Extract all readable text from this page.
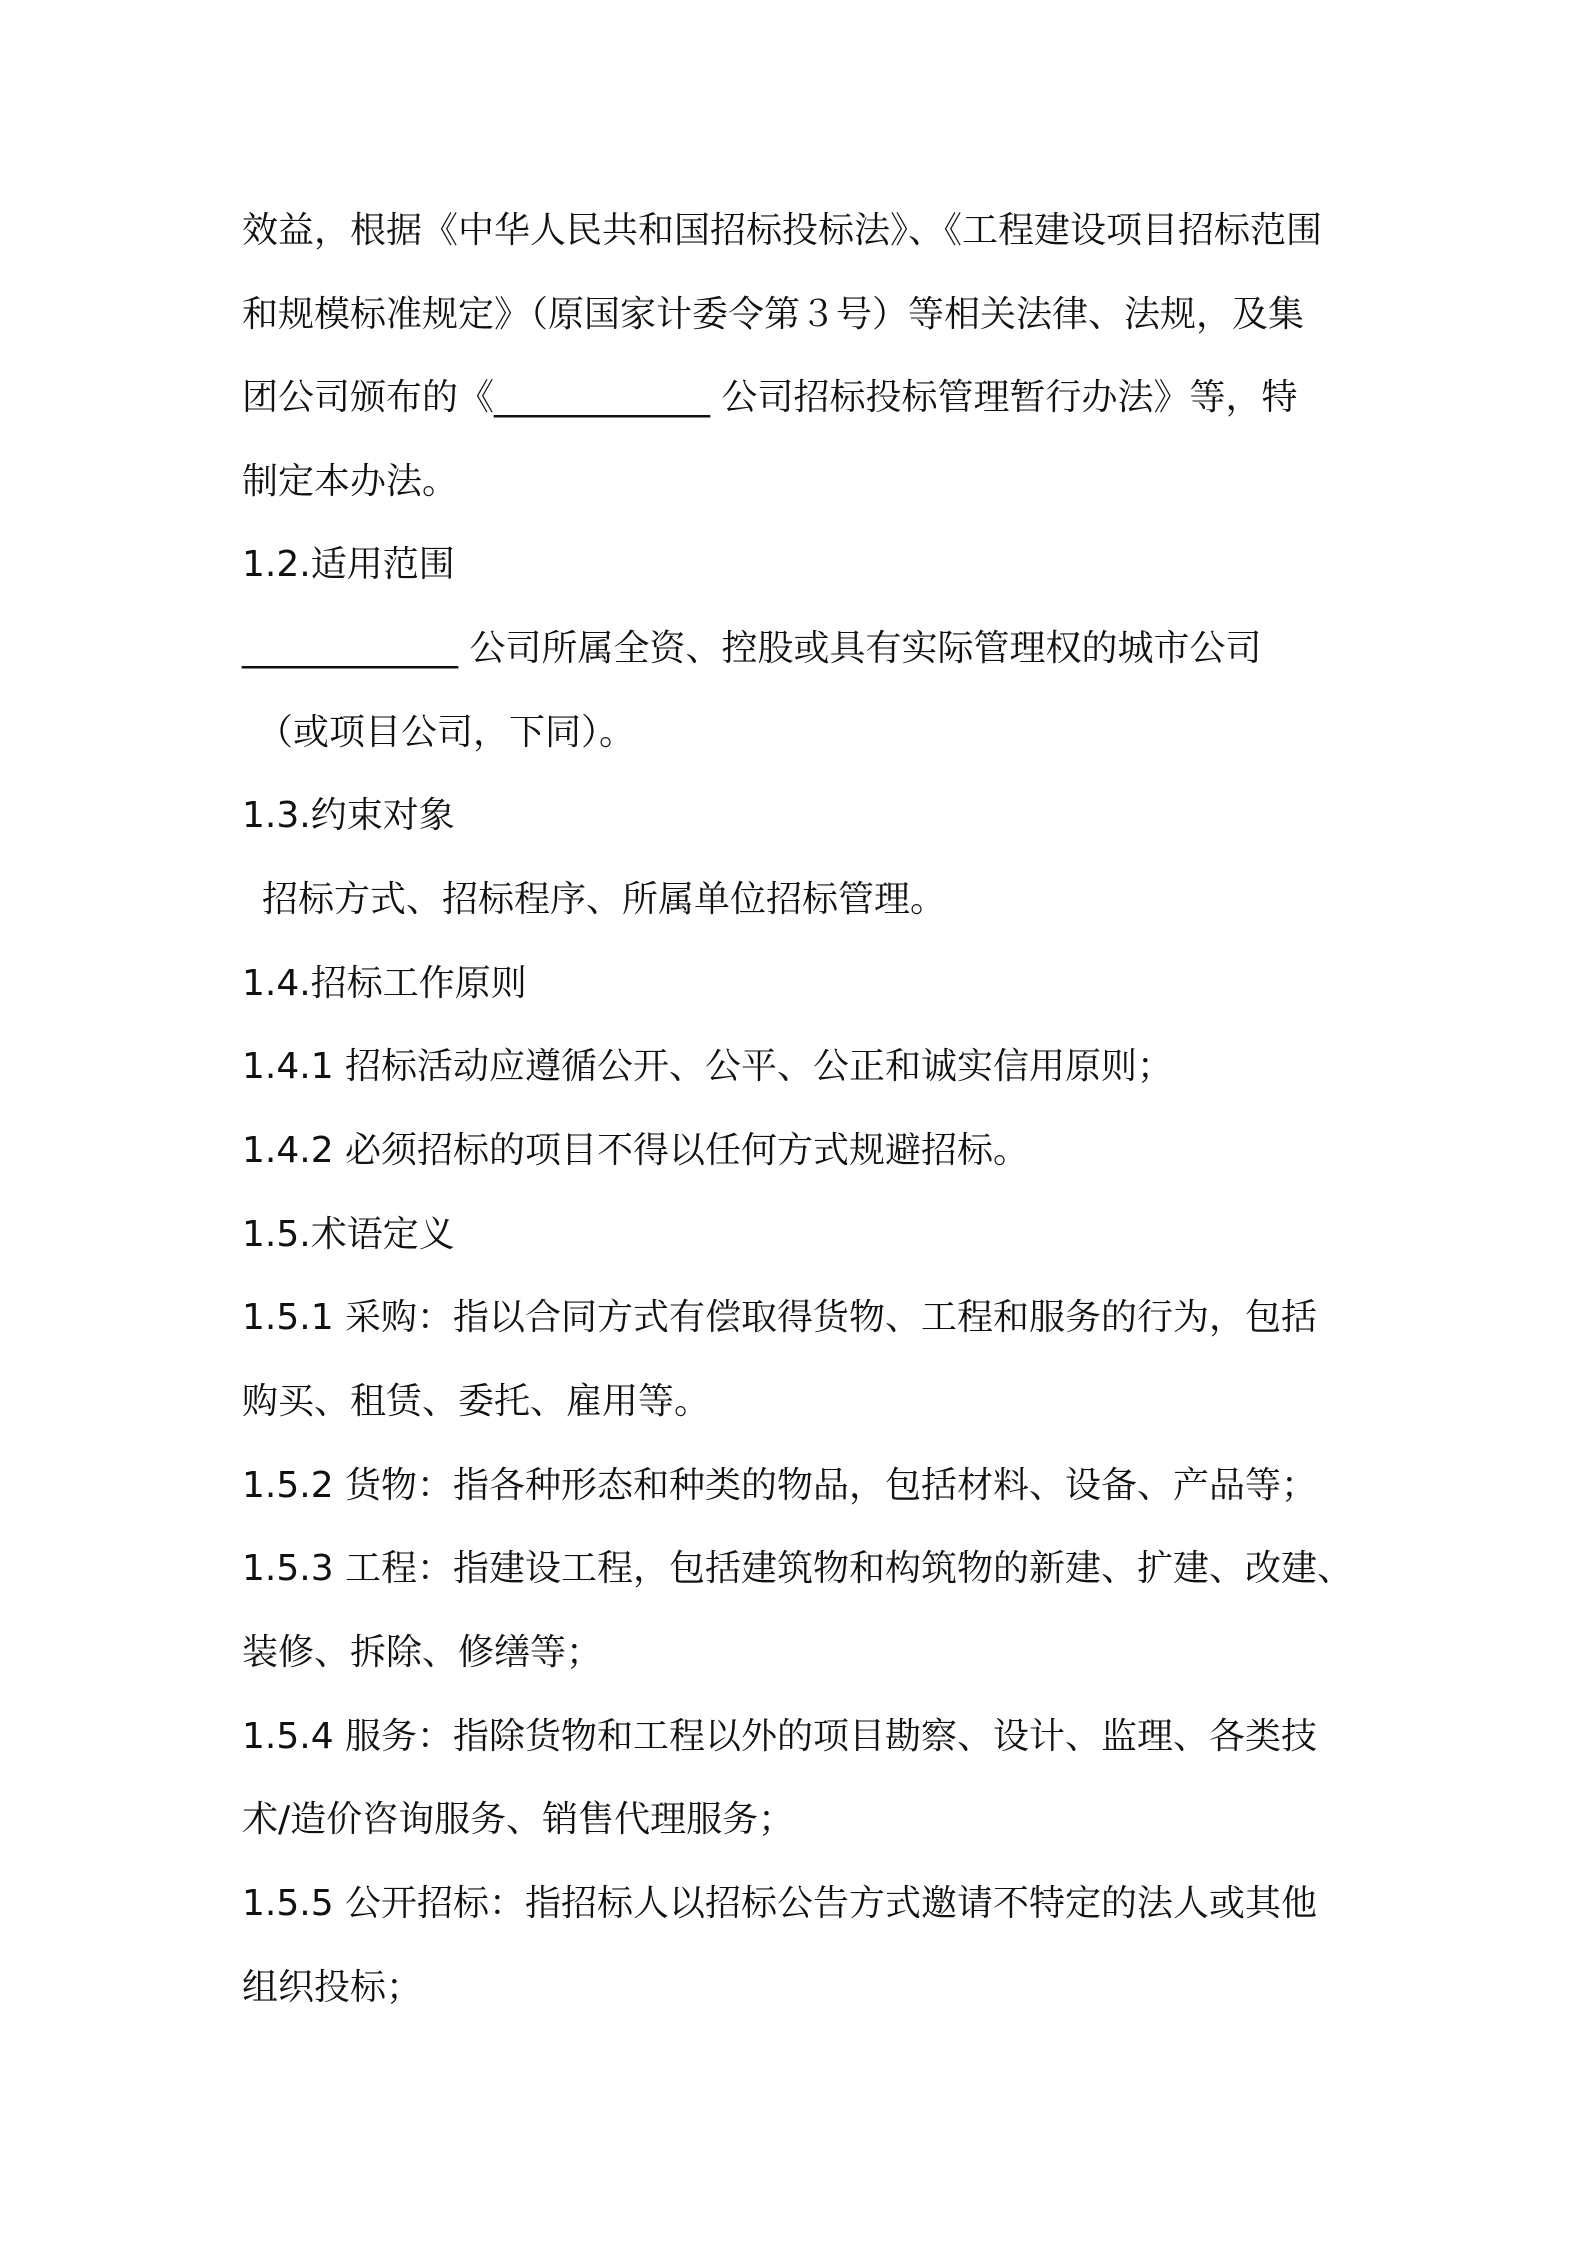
效益，根据《中华人民共和国招标投标法》、《工程建设项目招标范围
和规模标准规定》（原国家计委令第３号）等相关法律、法规，及集
团公司颁布的《____________ 公司招标投标管理暂行办法》等，特
制定本办法。
1.2.适用范围
____________ 公司所属全资、控股或具有实际管理权的城市公司
（或项目公司，下同）。
1.3.约束对象
招标方式、招标程序、所属单位招标管理。
1.4.招标工作原则
1.4.1 招标活动应遵循公开、公平、公正和诚实信用原则；
1.4.2 必须招标的项目不得以任何方式规避招标。
1.5.术语定义
1.5.1 采购：指以合同方式有偿取得货物、工程和服务的行为，包括
购买、租赁、委托、雇用等。
1.5.2 货物：指各种形态和种类的物品，包括材料、设备、产品等；
1.5.3 工程：指建设工程，包括建筑物和构筑物的新建、扩建、改建、
装修、拆除、修缮等；
1.5.4 服务：指除货物和工程以外的项目勘察、设计、监理、各类技
术/造价咨询服务、销售代理服务；
1.5.5 公开招标：指招标人以招标公告方式邀请不特定的法人或其他
组织投标；
